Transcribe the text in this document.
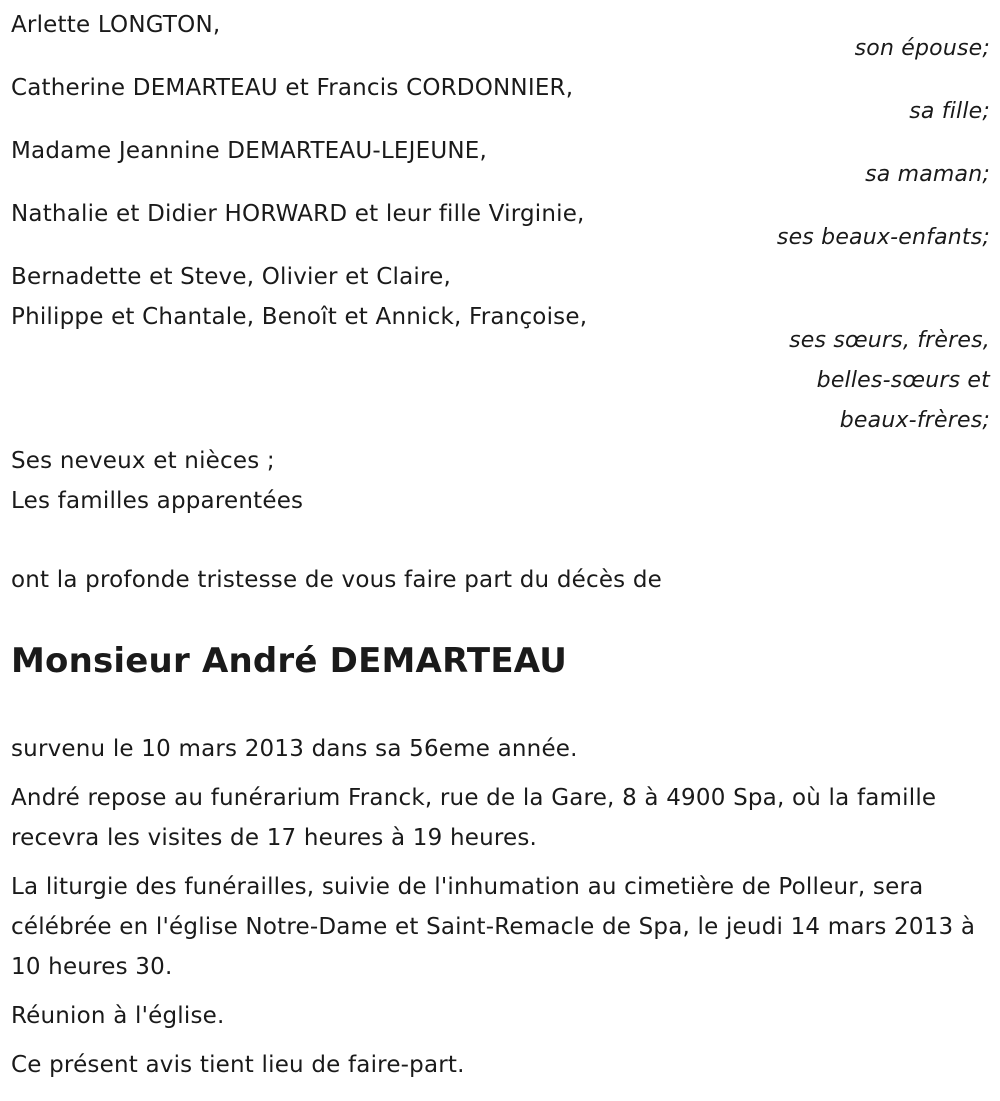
Arlette LONGTON,
son épouse;
Catherine DEMARTEAU et Francis CORDONNIER,
sa fille;
Madame Jeannine DEMARTEAU-LEJEUNE,
sa maman;
Nathalie et Didier HORWARD et leur fille Virginie,
ses beaux-enfants;
Bernadette et Steve, Olivier et Claire,
Philippe et Chantale, Benoît et Annick, Françoise,
ses sœurs, frères,
belles-sœurs et
beaux-frères;
Ses neveux et nièces ;
Les familles apparentées
ont la profonde tristesse de vous faire part du décès de
Monsieur André DEMARTEAU
survenu le 10 mars 2013 dans sa 56eme année.
André repose au funérarium Franck, rue de la Gare, 8 à 4900 Spa, où la famille recevra les visites de 17 heures à 19 heures.
La liturgie des funérailles, suivie de l'inhumation au cimetière de Polleur, sera célébrée en l'église Notre-Dame et Saint-Remacle de Spa, le jeudi 14 mars 2013 à 10 heures 30.
Réunion à l'église.
Ce présent avis tient lieu de faire-part.
